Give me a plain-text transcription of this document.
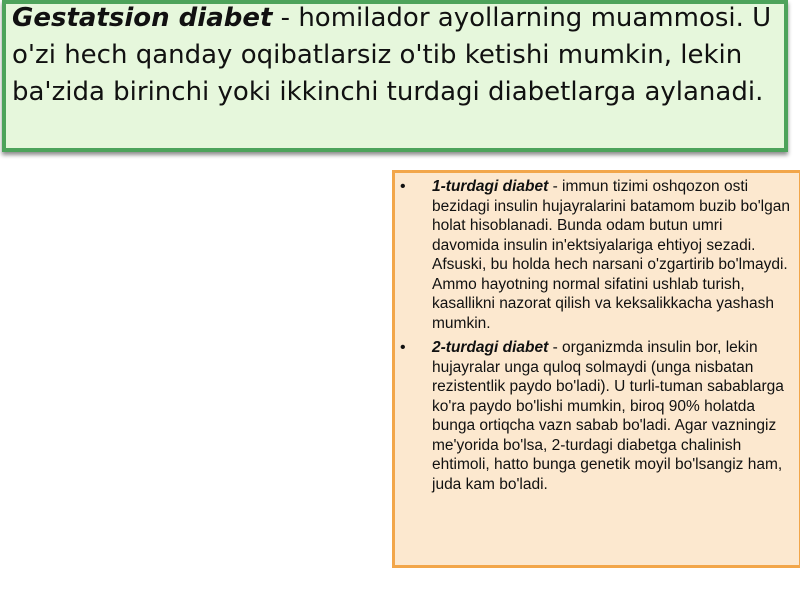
Gestatsion diabet - homilador ayollarning muammosi. U o'zi hech qanday oqibatlarsiz o'tib ketishi mumkin, lekin ba'zida birinchi yoki ikkinchi turdagi diabetlarga aylanadi.

• 1-turdagi diabet - immun tizimi oshqozon osti bezidagi insulin hujayralarini batamom buzib bo'lgan holat hisoblanadi. Bunda odam butun umri davomida insulin in'ektsiyalariga ehtiyoj sezadi. Afsuski, bu holda hech narsani o'zgartirib bo'lmaydi. Ammo hayotning normal sifatini ushlab turish, kasallikni nazorat qilish va keksalikkacha yashash mumkin.
• 2-turdagi diabet - organizmda insulin bor, lekin hujayralar unga quloq solmaydi (unga nisbatan rezistentlik paydo bo'ladi). U turli-tuman sabablarga ko'ra paydo bo'lishi mumkin, biroq 90% holatda bunga ortiqcha vazn sabab bo'ladi. Agar vazningiz me'yorida bo'lsa, 2-turdagi diabetga chalinish ehtimoli, hatto bunga genetik moyil bo'lsangiz ham, juda kam bo'ladi.
